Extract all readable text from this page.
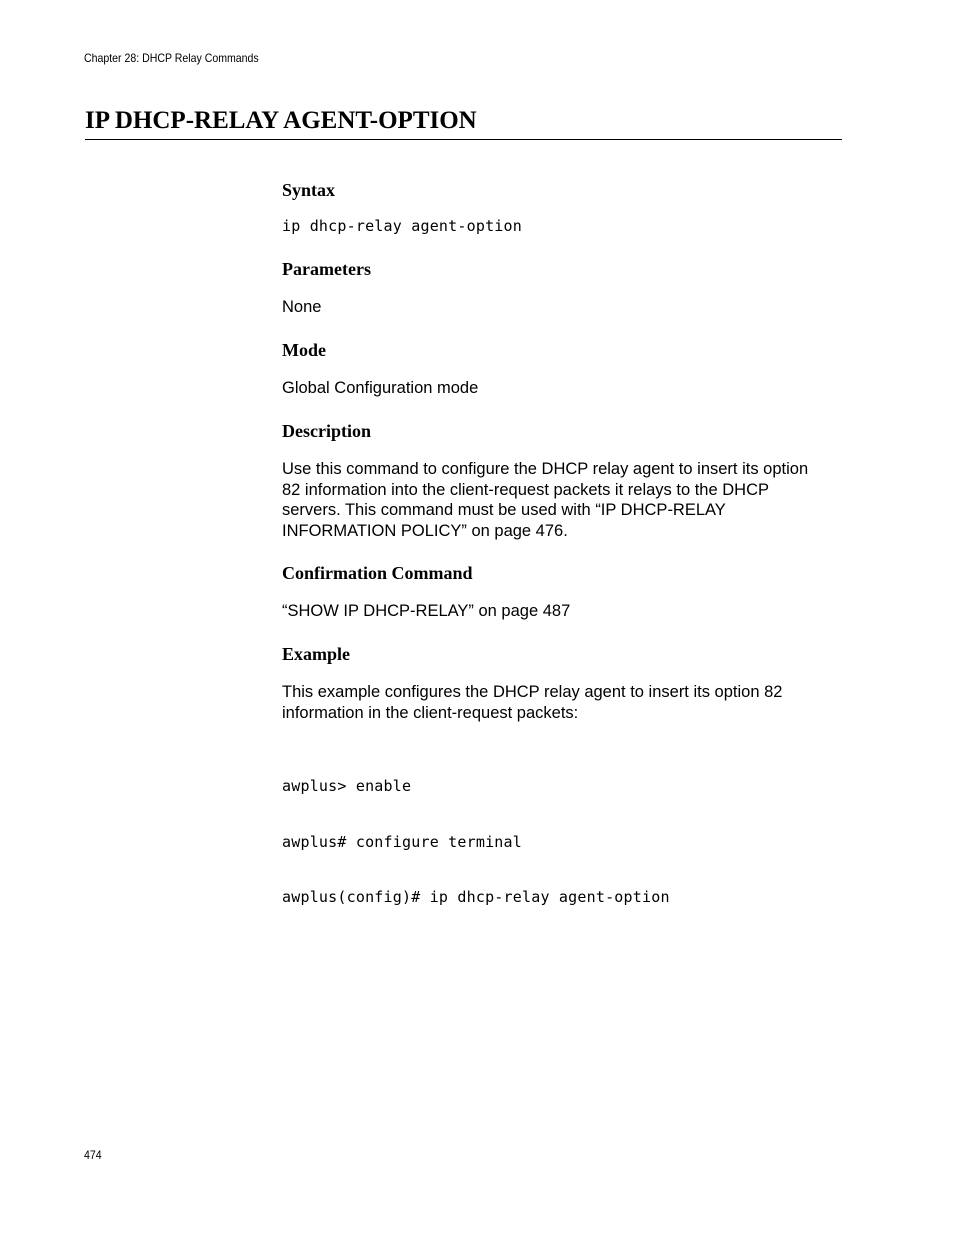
Chapter 28: DHCP Relay Commands
IP DHCP-RELAY AGENT-OPTION
Syntax
ip dhcp-relay agent-option
Parameters

None

Mode

Global Configuration mode

Description

Use this command to configure the DHCP relay agent to insert its option
82 information into the client-request packets it relays to the DHCP
servers. This command must be used with “IP DHCP-RELAY
INFORMATION POLICY” on page 476.

Confirmation Command

“SHOW IP DHCP-RELAY” on page 487

Example

This example configures the DHCP relay agent to insert its option 82
information in the client-request packets:

awplus> enable

awplus# configure terminal

awplus(config)# ip dhcp-relay agent-option

474
